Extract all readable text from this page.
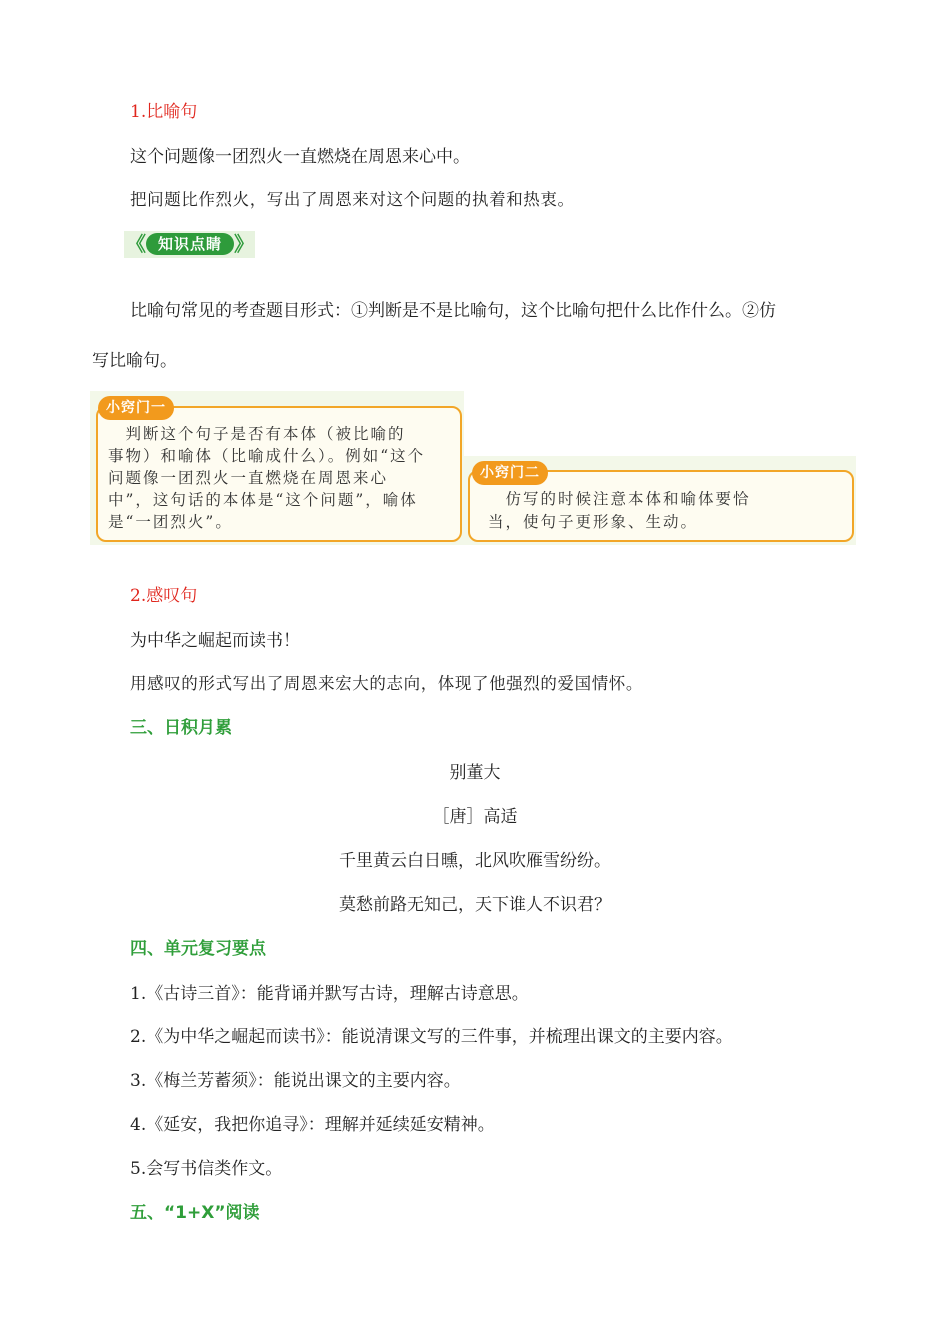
1.比喻句
这个问题像一团烈火一直燃烧在周恩来心中。
把问题比作烈火，写出了周恩来对这个问题的执着和热衷。
《 知识点睛 》
比喻句常见的考查题目形式：①判断是不是比喻句，这个比喻句把什么比作什么。②仿
写比喻句。
小窍门一
　判断这个句子是否有本体（被比喻的
事物）和喻体（比喻成什么）。例如“这个
问题像一团烈火一直燃烧在周恩来心
中”，这句话的本体是“这个问题”，喻体
是“一团烈火”。
小窍门二
　仿写的时候注意本体和喻体要恰
当，使句子更形象、生动。
2.感叹句
为中华之崛起而读书！
用感叹的形式写出了周恩来宏大的志向，体现了他强烈的爱国情怀。
三、日积月累
别董大
［唐］高适
千里黄云白日曛，北风吹雁雪纷纷。
莫愁前路无知己，天下谁人不识君？
四、单元复习要点
1.《古诗三首》：能背诵并默写古诗，理解古诗意思。
2.《为中华之崛起而读书》：能说清课文写的三件事，并梳理出课文的主要内容。
3.《梅兰芳蓄须》：能说出课文的主要内容。
4.《延安，我把你追寻》：理解并延续延安精神。
5.会写书信类作文。
五、“1+X”阅读
